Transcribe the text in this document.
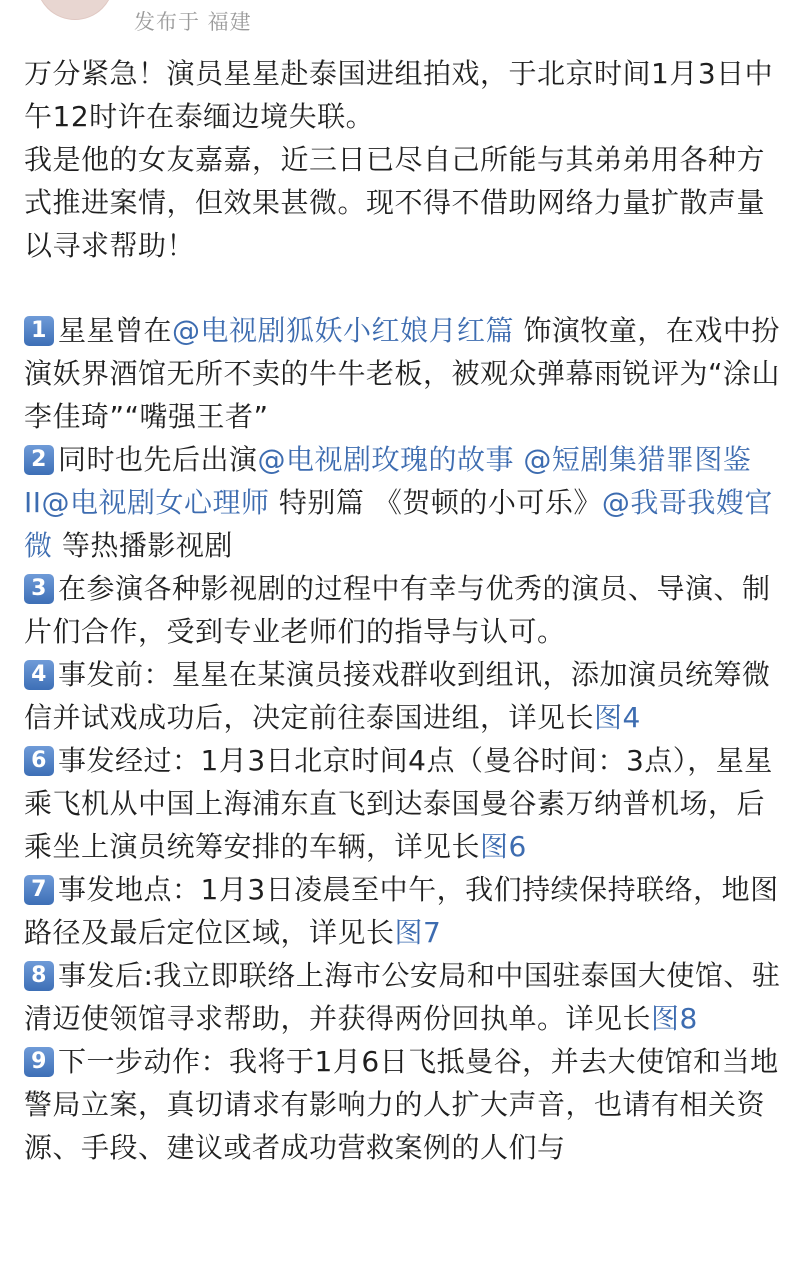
发布于 福建

万分紧急！演员星星赴泰国进组拍戏，于北京时间1月3日中午12时许在泰缅边境失联。

我是他的女友嘉嘉，近三日已尽自己所能与其弟弟用各种方式推进案情，但效果甚微。现不得不借助网络力量扩散声量以寻求帮助！

1 星星曾在@电视剧狐妖小红娘月红篇 饰演牧童，在戏中扮演妖界酒馆无所不卖的牛牛老板，被观众弹幕雨锐评为“涂山李佳琦”“嘴强王者”

2 同时也先后出演@电视剧玫瑰的故事 @短剧集猎罪图鉴 II@电视剧女心理师 特别篇 《贺顿的小可乐》@我哥我嫂官微 等热播影视剧

3 在参演各种影视剧的过程中有幸与优秀的演员、导演、制片们合作，受到专业老师们的指导与认可。

4 事发前：星星在某演员接戏群收到组讯，添加演员统筹微信并试戏成功后，决定前往泰国进组，详见长图4

6 事发经过：1月3日北京时间4点（曼谷时间：3点），星星乘飞机从中国上海浦东直飞到达泰国曼谷素万纳普机场，后乘坐上演员统筹安排的车辆，详见长图6

7 事发地点：1月3日凌晨至中午，我们持续保持联络，地图路径及最后定位区域，详见长图7

8 事发后:我立即联络上海市公安局和中国驻泰国大使馆、驻清迈使领馆寻求帮助，并获得两份回执单。详见长图8

9 下一步动作：我将于1月6日飞抵曼谷，并去大使馆和当地警局立案，真切请求有影响力的人扩大声音，也请有相关资源、手段、建议或者成功营救案例的人们与
